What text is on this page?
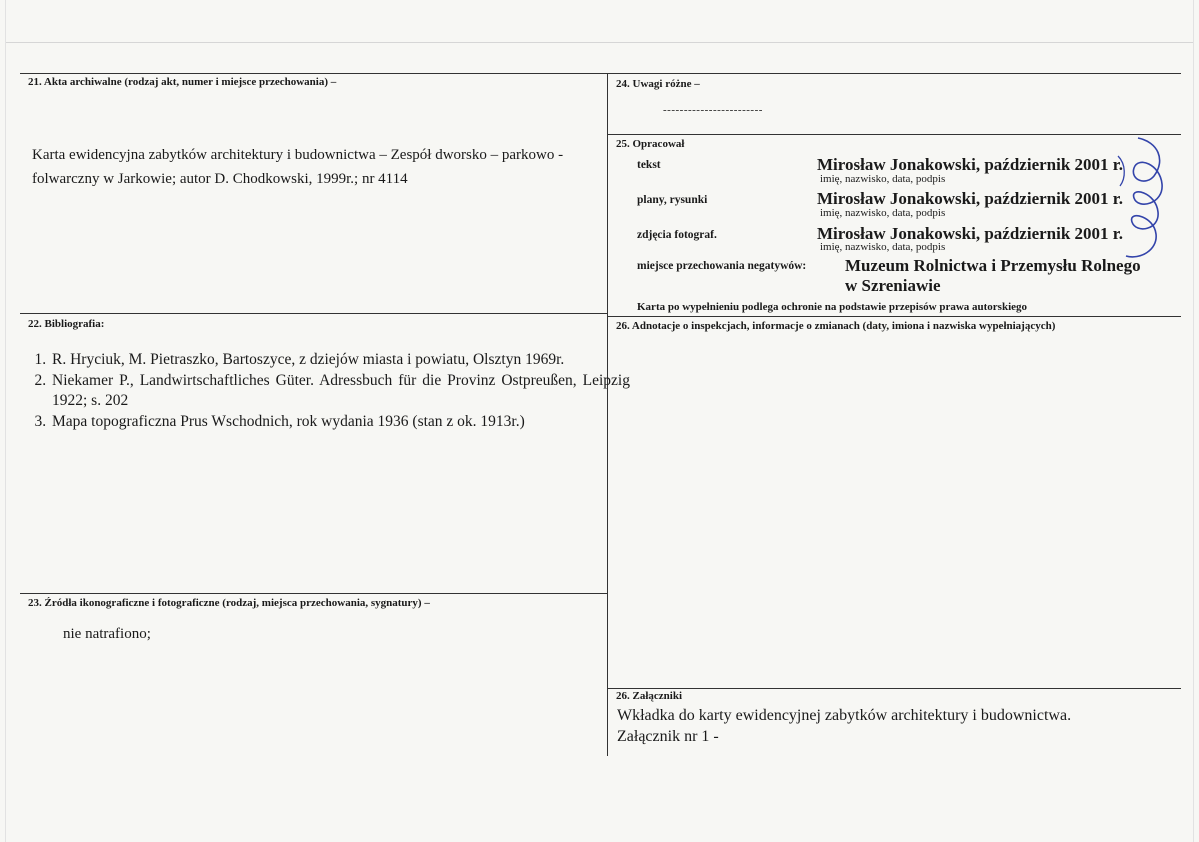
21. Akta archiwalne (rodzaj akt, numer i miejsce przechowania) –
Karta ewidencyjna zabytków architektury i budownictwa – Zespół dworsko – parkowo - folwarczny w Jarkowie; autor D. Chodkowski, 1999r.; nr 4114
22. Bibliografia:
1. R. Hryciuk, M. Pietraszko, Bartoszyce, z dziejów miasta i powiatu, Olsztyn 1969r.
2. Niekamer P., Landwirtschaftliches Güter. Adressbuch für die Provinz Ostpreußen, Leipzig 1922; s. 202
3. Mapa topograficzna Prus Wschodnich, rok wydania 1936 (stan z ok. 1913r.)
23. Źródła ikonograficzne i fotograficzne (rodzaj, miejsca przechowania, sygnatury) –
nie natrafiono;
24. Uwagi różne –
------------------------
25. Opracował
tekst	Mirosław Jonakowski, październik 2001 r.
imię, nazwisko, data, podpis
plany, rysunki	Mirosław Jonakowski, październik 2001 r.
imię, nazwisko, data, podpis
zdjęcia fotograf.	Mirosław Jonakowski, październik 2001 r.
imię, nazwisko, data, podpis
miejsce przechowania negatywów: Muzeum Rolnictwa i Przemysłu Rolnego
w Szreniawie
Karta po wypełnieniu podlega ochronie na podstawie przepisów prawa autorskiego
26. Adnotacje o inspekcjach, informacje o zmianach (daty, imiona i nazwiska wypełniających)
26. Załączniki
Wkładka do karty ewidencyjnej zabytków architektury i budownictwa.
Załącznik nr 1 -
